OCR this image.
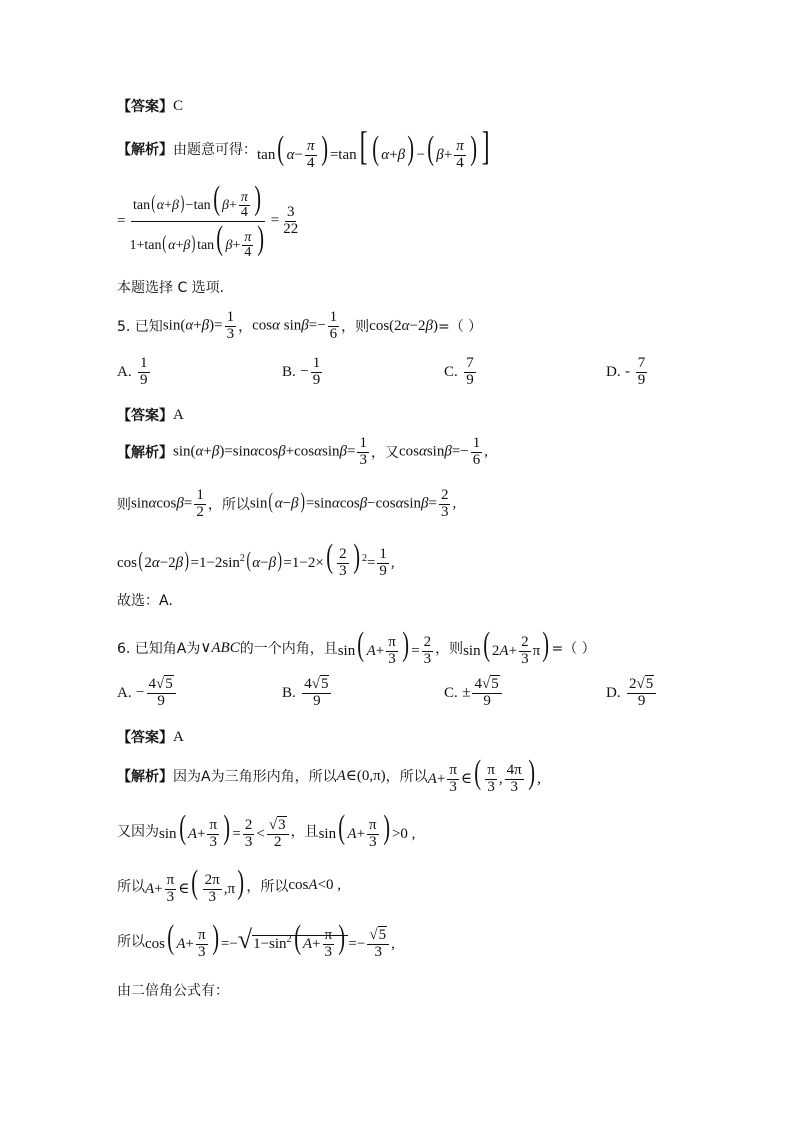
【答案】 C
【解析】 由题意可得： tan( $\alpha- \frac{\pi}{4}$ ) =tan[ ( α+β) −( $\beta+ \frac{\pi}{4}$ ) ]
= $\frac{\tan(\alpha+\beta)-\tan( \beta+ \frac{\pi}{4} )}{1+\tan(\alpha+\beta)\tan( \beta+ \frac{\pi}{4} )} = \frac{3}{22}$
本题选择 C 选项.
5. 已知 $\sin(\alpha+\beta)= \frac{1}{3}$ ， cosα $\sin\beta=- \frac{1}{6}$ ，则 cos(2α−2β) =（ ）
A.
$\frac{1}{9}$	B.
− $\frac{1}{9}$	C.
$\frac{7}{9}$	D.
- $\frac{7}{9}$
【答案】 A
【解析】 $\sin(\alpha+\beta)=\sin\alpha\cos\beta+\cos\alpha\sin\beta= \frac{1}{3}$ ，又 $\cos\alpha\sin\beta=- \frac{1}{6}$ ,
则 $\sin\alpha\cos\beta= \frac{1}{2}$ ，所以 $\sin(\alpha-\beta)=\sin\alpha\cos\beta-\cos\alpha\sin\beta= \frac{2}{3}$ ,
$\cos(2\alpha-2\beta)=1-2\sin^2(\alpha-\beta)=1-2\times( \frac{2}{3}$ ) $^2= \frac{1}{9}$ ,
故选：A.
6. 已知角A为 ∨ABC 的一个内角，且 sin( $A+ \frac{\pi}{3}$ ) = $\frac{2}{3}$ ，则 sin( $2A+ \frac{2}{3} \pi$) =（ ）
A.
− $\frac{4√5}{9}$	B.
$\frac{4√5}{9}$	C.
± $\frac{4√5}{9}$	D.
$\frac{2√5}{9}$
【答案】 A
【解析】 因为A为三角形内角，所以 A∈(0,π) ，所以 $A+ \frac{\pi}{3}$ ∈( $\frac{\pi}{3}$ , $\frac{4\pi}{3}$ ) ,
又因为 sin( $A+ \frac{\pi}{3}$ ) = $\frac{2}{3} < \frac{√3}{2}$ ，且 sin( $A+ \frac{\pi}{3}$ ) >0 ,
所以 $A+ \frac{\pi}{3}$ ∈( $\frac{2\pi}{3} ,\pi$) ，所以 cosA<0 ,
所以 cos( $A+ \frac{\pi}{3}$ ) $=-√1-\sin^2$( $A+ \frac{\pi}{3}$ ) =− $\frac{√5}{3}$ ,
由二倍角公式有：
